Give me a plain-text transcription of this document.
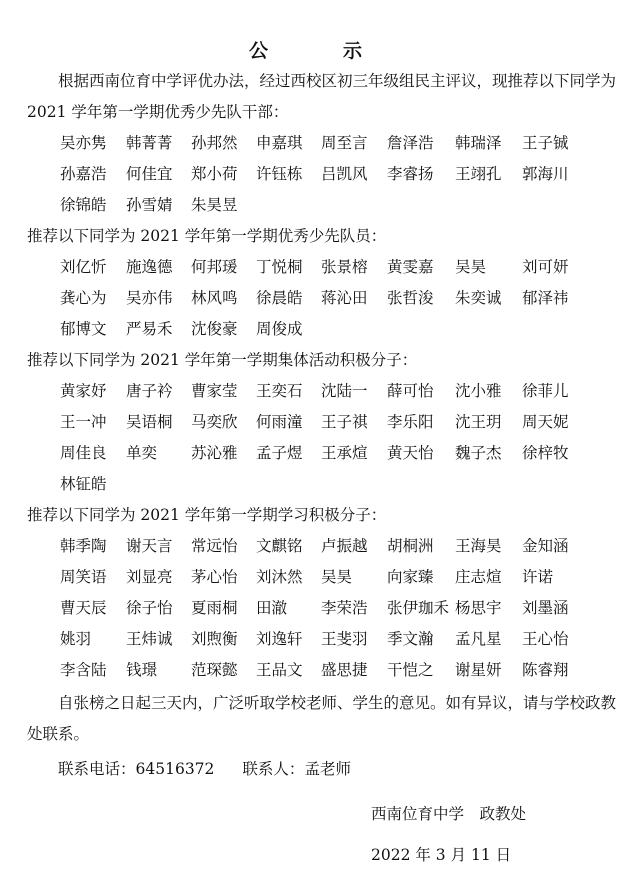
公　示
根据西南位育中学评优办法，经过西校区初三年级组民主评议，现推荐以下同学为 2021 学年第一学期优秀少先队干部：
吴亦隽 韩菁菁 孙邦然 申嘉琪 周至言 詹泽浩 韩瑞泽 王子铖
孙嘉浩 何佳宜 郑小荷 许钰栋 吕凯风 李睿扬 王翊孔 郭海川
徐锦皓 孙雪婧 朱昊昱
推荐以下同学为 2021 学年第一学期优秀少先队员：
刘亿忻 施逸德 何邦瑗 丁悦桐 张景榕 黄雯嘉 吴昊 刘可妍
龚心为 吴亦伟 林风鸣 徐晨皓 蒋沁田 张哲浚 朱奕诚 郁泽祎
郁博文 严易禾 沈俊豪 周俊成
推荐以下同学为 2021 学年第一学期集体活动积极分子：
黄家妤 唐子衿 曹家莹 王奕石 沈陆一 薛可怡 沈小雅 徐菲儿
王一冲 吴语桐 马奕欣 何雨潼 王子祺 李乐阳 沈王玥 周天妮
周佳良 单奕 苏沁雅 孟子煜 王承煊 黄天怡 魏子杰 徐梓牧
林钲皓
推荐以下同学为 2021 学年第一学期学习积极分子：
韩季陶 谢天言 常远怡 文麒铭 卢振越 胡桐洲 王海昊 金知涵
周笑语 刘显亮 茅心怡 刘沐然 吴昊 向家臻 庄志煊 许诺
曹天辰 徐子怡 夏雨桐 田澈 李荣浩 张伊珈禾 杨思宇 刘墨涵
姚羽 王炜诚 刘煦衡 刘逸轩 王斐羽 季文瀚 孟凡星 王心怡
李含陆 钱璟 范琛懿 王品文 盛思捷 干恺之 谢星妍 陈睿翔
自张榜之日起三天内，广泛听取学校老师、学生的意见。如有异议，请与学校政教处联系。
联系电话：64516372 联系人：孟老师
西南位育中学　政教处
2022 年 3 月 11 日
